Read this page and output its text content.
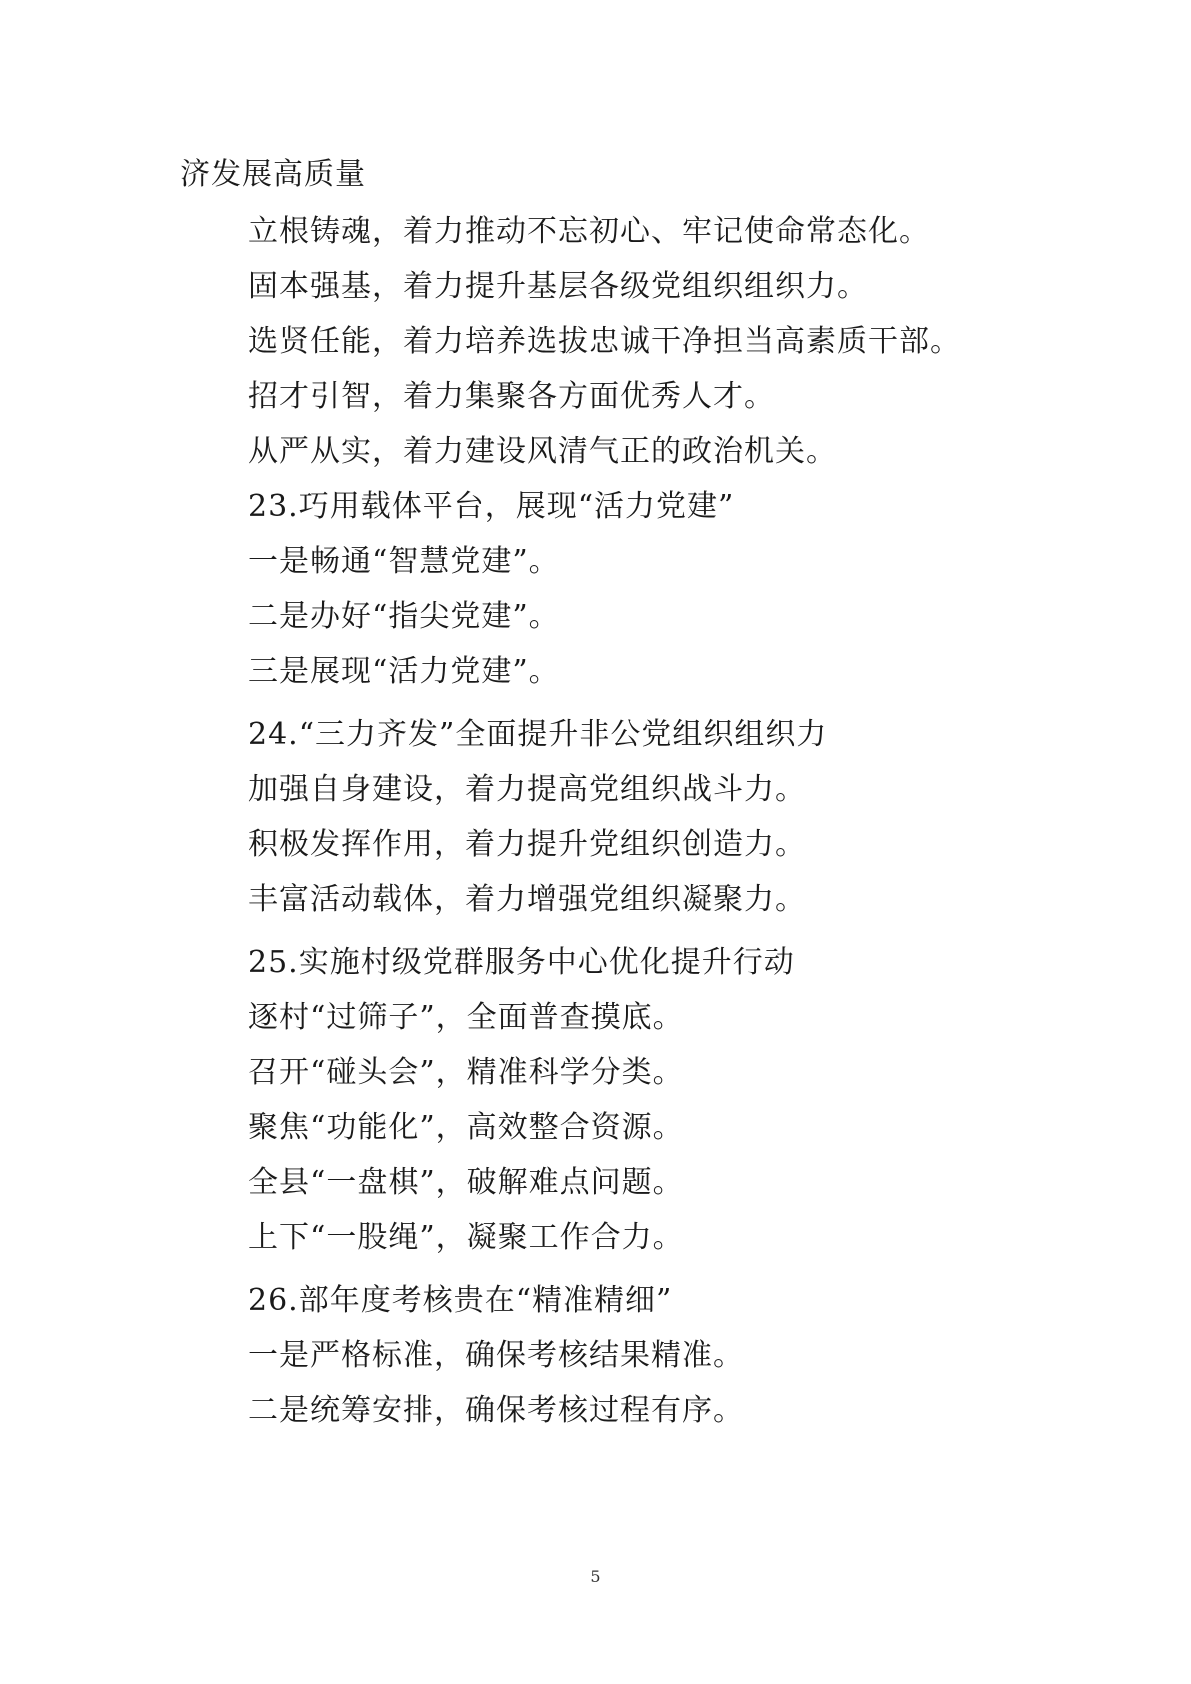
济发展高质量
立根铸魂，着力推动不忘初心、牢记使命常态化。
固本强基，着力提升基层各级党组织组织力。
选贤任能，着力培养选拔忠诚干净担当高素质干部。
招才引智，着力集聚各方面优秀人才。
从严从实，着力建设风清气正的政治机关。
23.巧用载体平台，展现“活力党建”
一是畅通“智慧党建”。
二是办好“指尖党建”。
三是展现“活力党建”。
24.“三力齐发”全面提升非公党组织组织力
加强自身建设，着力提高党组织战斗力。
积极发挥作用，着力提升党组织创造力。
丰富活动载体，着力增强党组织凝聚力。
25.实施村级党群服务中心优化提升行动
逐村“过筛子”，全面普查摸底。
召开“碰头会”，精准科学分类。
聚焦“功能化”，高效整合资源。
全县“一盘棋”，破解难点问题。
上下“一股绳”，凝聚工作合力。
26.部年度考核贵在“精准精细”
一是严格标准，确保考核结果精准。
二是统筹安排，确保考核过程有序。
5
